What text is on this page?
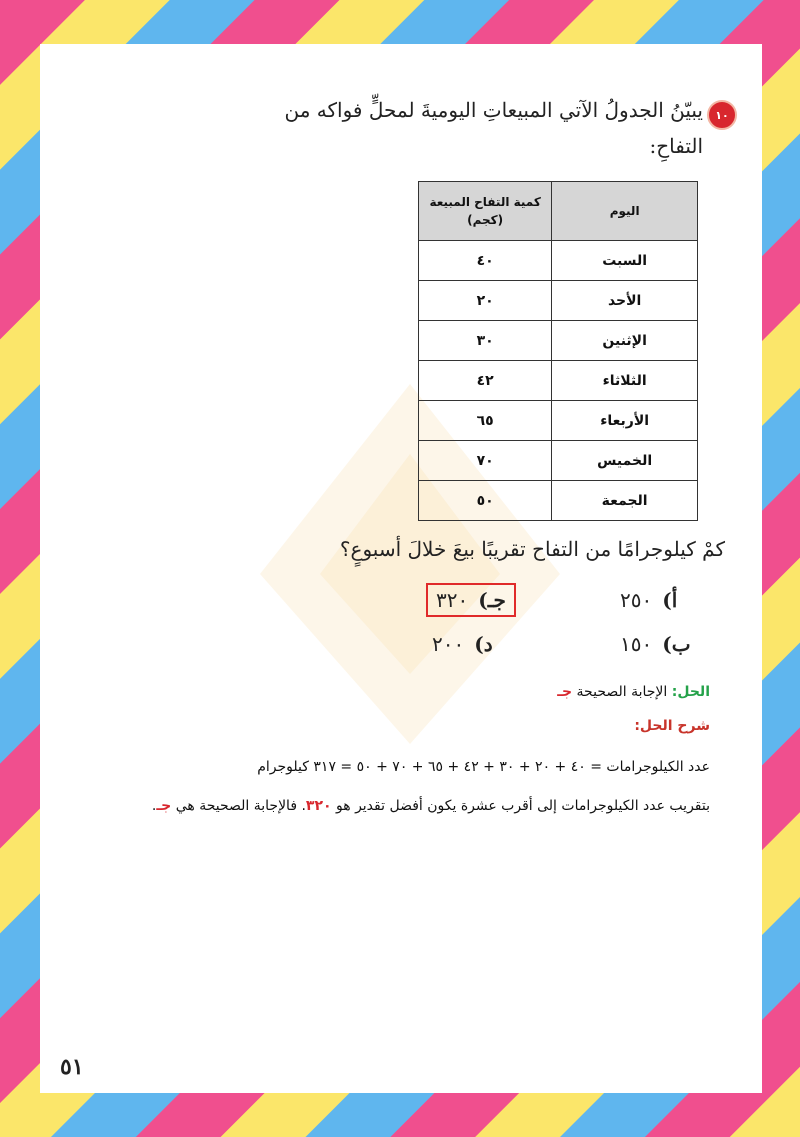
١٠
يبيّنُ الجدولُ الآتي المبيعاتِ اليوميةَ لمحلٍّ فواكه من التفاحِ:
اليوم	كمية التفاح المبيعة (كجم)
السبت	٤٠
الأحد	٢٠
الإثنين	٣٠
الثلاثاء	٤٢
الأربعاء	٦٥
الخميس	٧٠
الجمعة	٥٠
كمْ كيلوجرامًا من التفاح تقريبًا بيعَ خلالَ أسبوعٍ؟
أ)
٢٥٠
ب)
١٥٠
جـ)
٣٢٠
د)
٢٠٠
الحل: الإجابة الصحيحة جـ
شرح الحل:
عدد الكيلوجرامات = ٤٠ + ٢٠ + ٣٠ + ٤٢ + ٦٥ + ٧٠ + ٥٠ = ٣١٧ كيلوجرام
بتقريب عدد الكيلوجرامات إلى أقرب عشرة يكون أفضل تقدير هو ٣٢٠. فالإجابة الصحيحة هي جـ.
٥١
